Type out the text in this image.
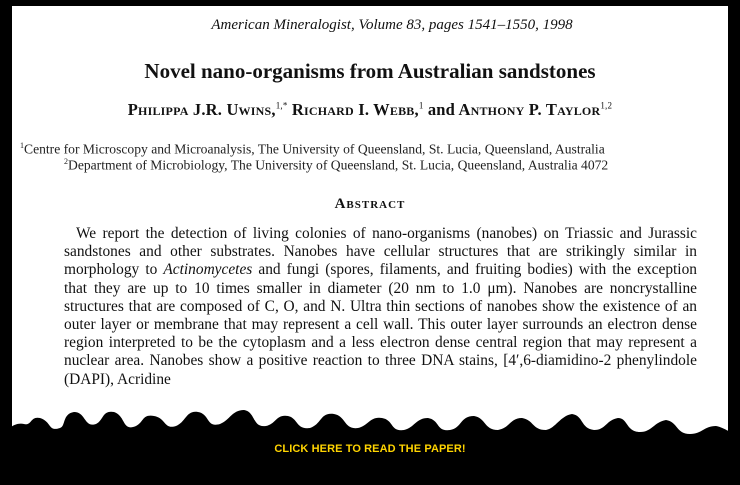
American Mineralogist, Volume 83, pages 1541–1550, 1998
Novel nano-organisms from Australian sandstones
Philippa J.R. Uwins,$^{1,*}$ Richard I. Webb,$^1$ and Anthony P. Taylor$^{1,2}$
$^1$Centre for Microscopy and Microanalysis, The University of Queensland, St. Lucia, Queensland, Australia
$^2$Department of Microbiology, The University of Queensland, St. Lucia, Queensland, Australia 4072
Abstract
We report the detection of living colonies of nano-organisms (nanobes) on Triassic and Jurassic sandstones and other substrates. Nanobes have cellular structures that are strikingly similar in morphology to Actinomycetes and fungi (spores, filaments, and fruiting bodies) with the exception that they are up to 10 times smaller in diameter (20 nm to 1.0 μm). Nanobes are noncrystalline structures that are composed of C, O, and N. Ultra thin sections of nanobes show the existence of an outer layer or membrane that may represent a cell wall. This outer layer surrounds an electron dense region interpreted to be the cytoplasm and a less electron dense central region that may represent a nuclear area. Nanobes show a positive reaction to three DNA stains, [4′,6-diamidino-2 phenylindole (DAPI), Acridine
CLICK HERE TO READ THE PAPER!
